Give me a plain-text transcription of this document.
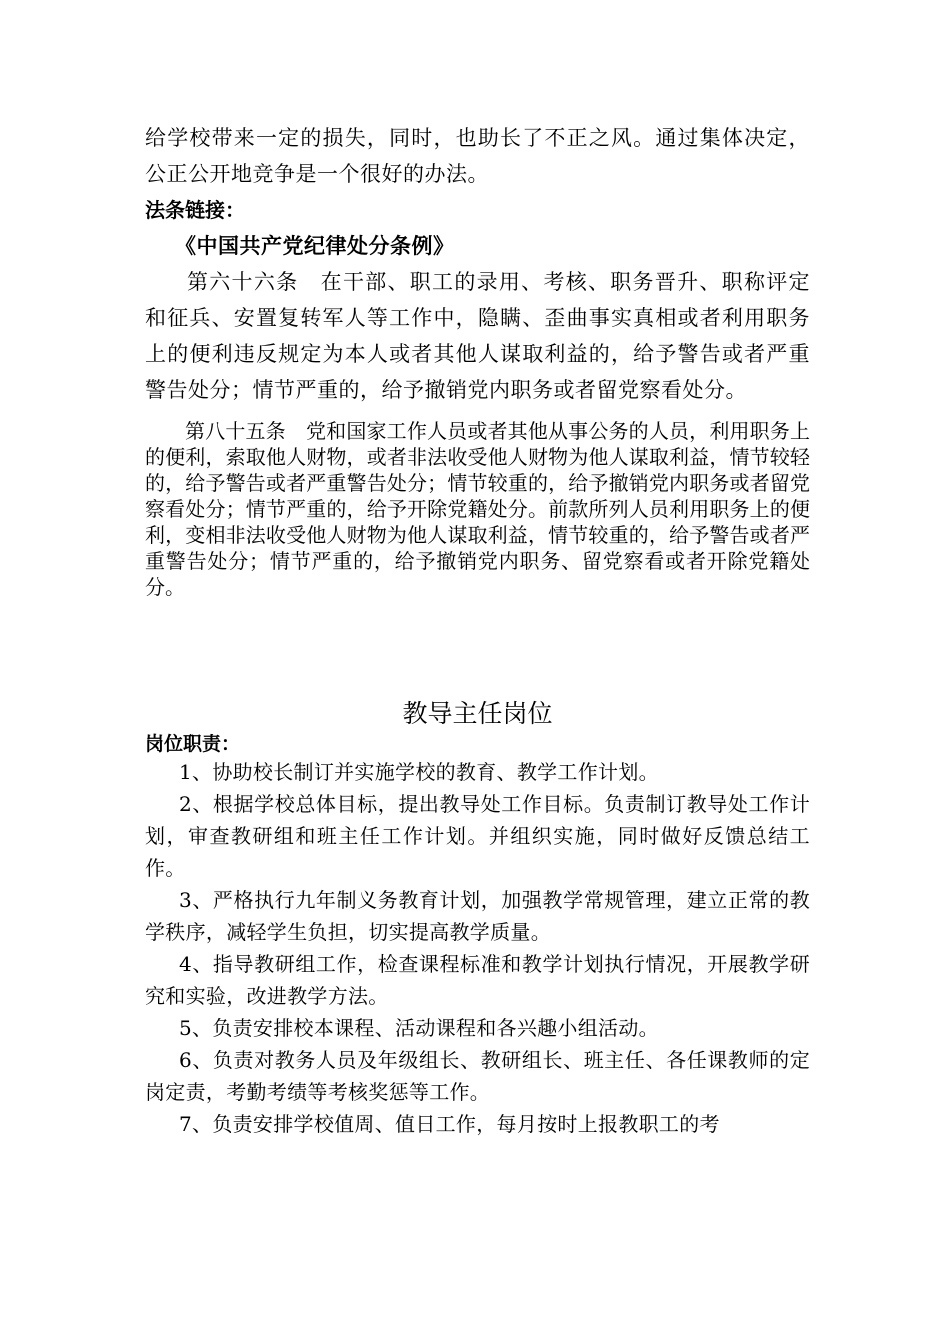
给学校带来一定的损失，同时，也助长了不正之风。通过集体决定，公正公开地竞争是一个很好的办法。

法条链接：

《中国共产党纪律处分条例》

第六十六条　在干部、职工的录用、考核、职务晋升、职称评定和征兵、安置复转军人等工作中，隐瞒、歪曲事实真相或者利用职务上的便利违反规定为本人或者其他人谋取利益的，给予警告或者严重警告处分；情节严重的，给予撤销党内职务或者留党察看处分。

第八十五条　党和国家工作人员或者其他从事公务的人员，利用职务上的便利，索取他人财物，或者非法收受他人财物为他人谋取利益，情节较轻的，给予警告或者严重警告处分；情节较重的，给予撤销党内职务或者留党察看处分；情节严重的，给予开除党籍处分。前款所列人员利用职务上的便利，变相非法收受他人财物为他人谋取利益，情节较重的，给予警告或者严重警告处分；情节严重的，给予撤销党内职务、留党察看或者开除党籍处分。

教导主任岗位

岗位职责：

1、协助校长制订并实施学校的教育、教学工作计划。

2、根据学校总体目标，提出教导处工作目标。负责制订教导处工作计划，审查教研组和班主任工作计划。并组织实施，同时做好反馈总结工作。

3、严格执行九年制义务教育计划，加强教学常规管理，建立正常的教学秩序，减轻学生负担，切实提高教学质量。

4、指导教研组工作，检查课程标准和教学计划执行情况，开展教学研究和实验，改进教学方法。

5、负责安排校本课程、活动课程和各兴趣小组活动。

6、负责对教务人员及年级组长、教研组长、班主任、各任课教师的定岗定责，考勤考绩等考核奖惩等工作。

7、负责安排学校值周、值日工作，每月按时上报教职工的考
